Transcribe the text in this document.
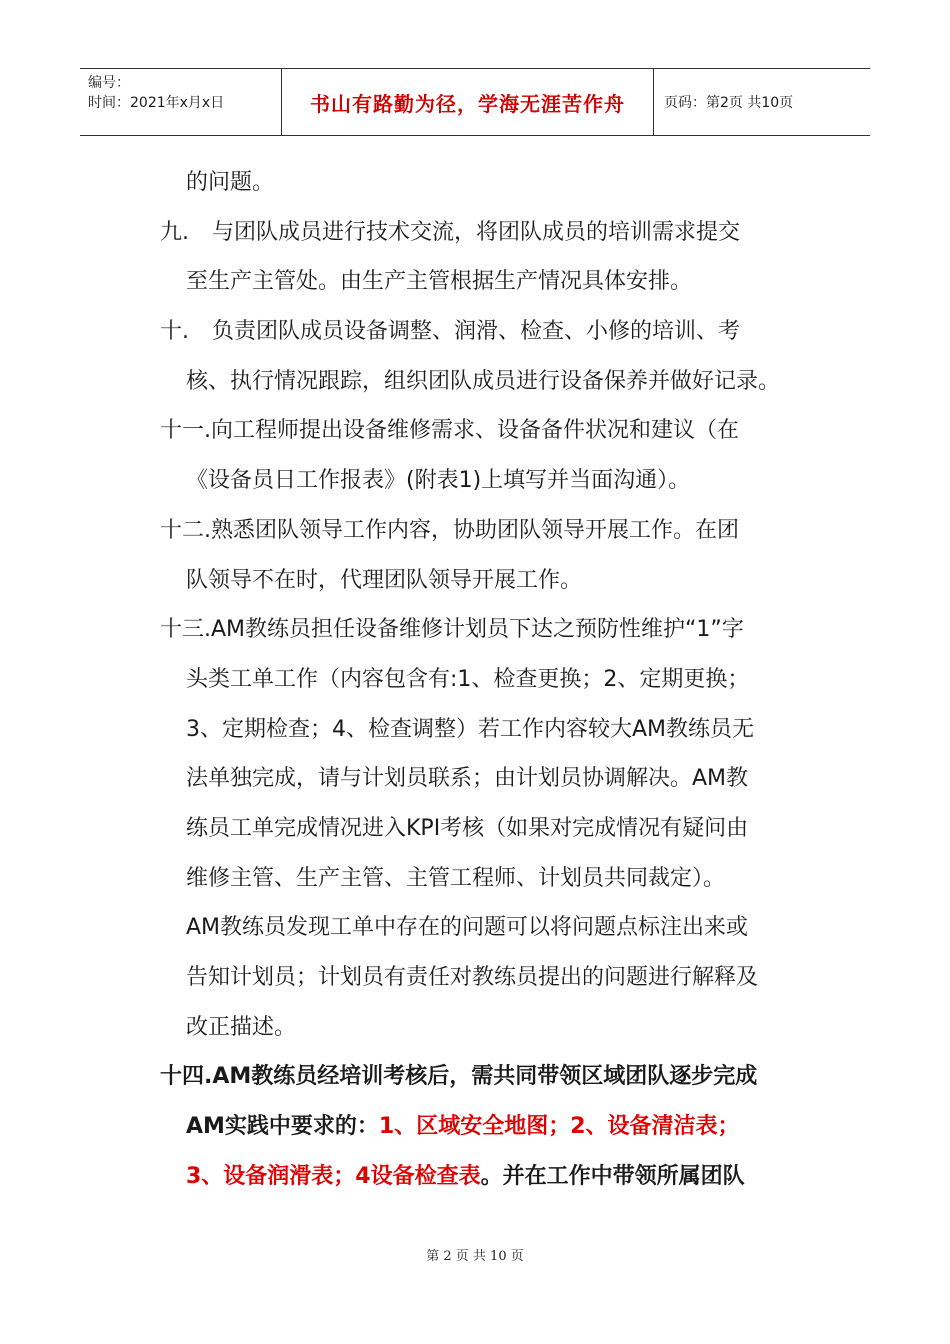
编号：
时间：2021年x月x日	书山有路勤为径，学海无涯苦作舟	页码：第2页 共10页
的问题。
九. 与团队成员进行技术交流，将团队成员的培训需求提交
至生产主管处。由生产主管根据生产情况具体安排。
十. 负责团队成员设备调整、润滑、检查、小修的培训、考
核、执行情况跟踪，组织团队成员进行设备保养并做好记录。
十一.向工程师提出设备维修需求、设备备件状况和建议（在
《设备员日工作报表》(附表1)上填写并当面沟通）。
十二.熟悉团队领导工作内容，协助团队领导开展工作。在团
队领导不在时，代理团队领导开展工作。
十三.AM教练员担任设备维修计划员下达之预防性维护“1”字
头类工单工作（内容包含有:1、检查更换；2、定期更换；
3、定期检查；4、检查调整）若工作内容较大AM教练员无
法单独完成，请与计划员联系；由计划员协调解决。AM教
练员工单完成情况进入KPI考核（如果对完成情况有疑问由
维修主管、生产主管、主管工程师、计划员共同裁定）。
AM教练员发现工单中存在的问题可以将问题点标注出来或
告知计划员；计划员有责任对教练员提出的问题进行解释及
改正描述。
十四.AM教练员经培训考核后，需共同带领区域团队逐步完成
AM实践中要求的：1、区域安全地图；2、设备清洁表；
3、设备润滑表；4设备检查表。并在工作中带领所属团队
第 2 页 共 10 页
